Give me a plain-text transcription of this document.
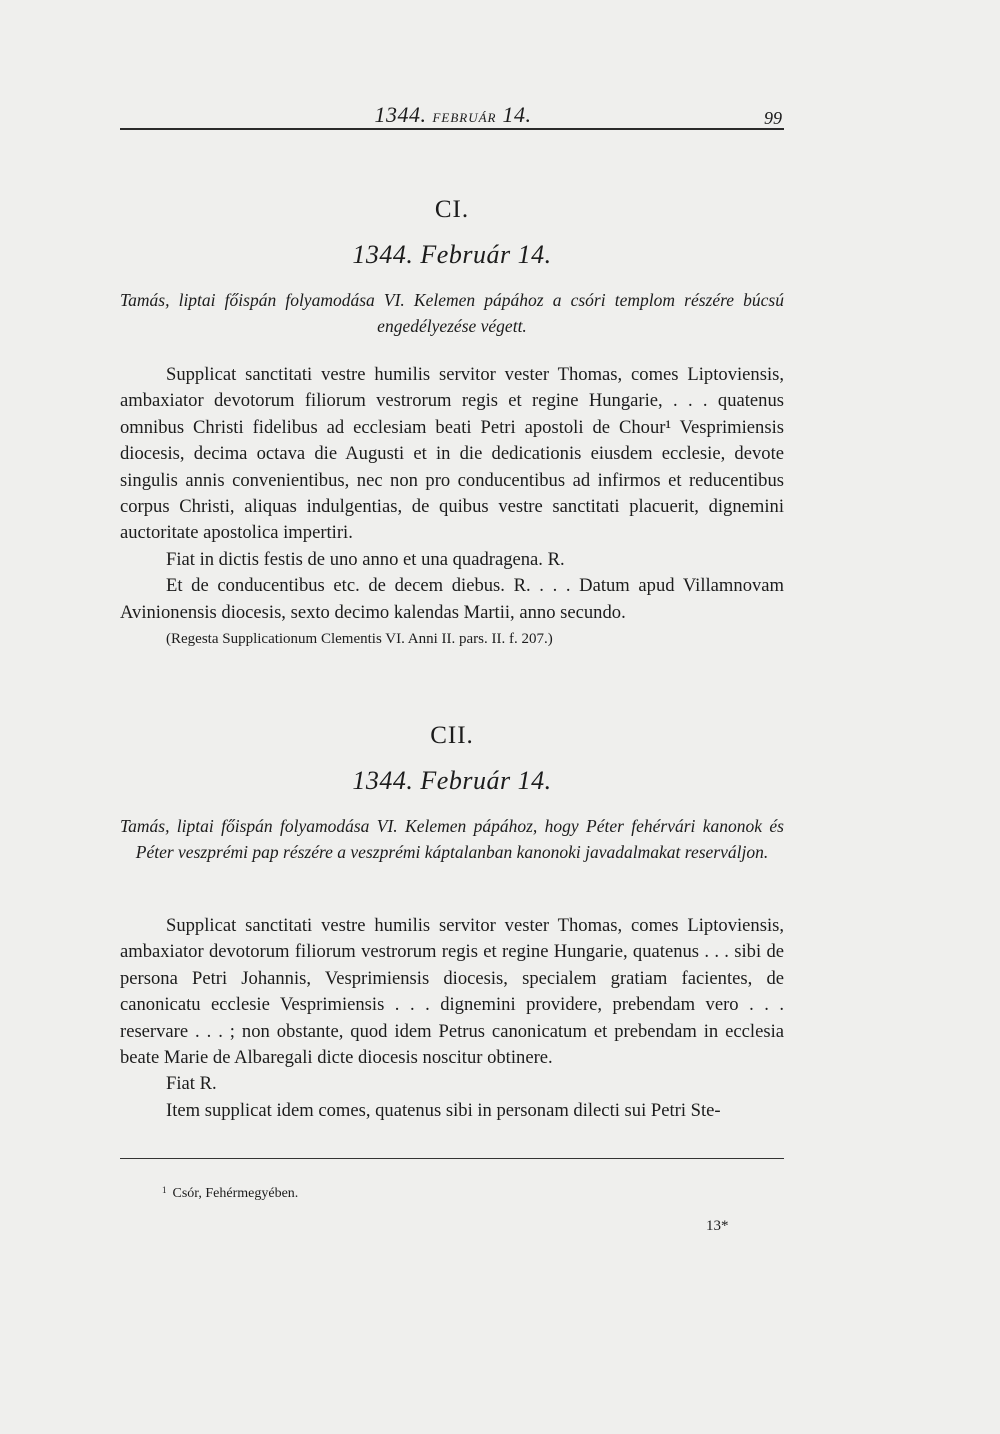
1344. FEBRUÁR 14.	99
CI.
1344. Február 14.
Tamás, liptai főispán folyamodása VI. Kelemen pápához a csóri templom részére búcsú engedélyezése végett.

Supplicat sanctitati vestre humilis servitor vester Thomas, comes Liptoviensis, ambaxiator devotorum filiorum vestrorum regis et regine Hungarie, . . . quatenus omnibus Christi fidelibus ad ecclesiam beati Petri apostoli de Chour¹ Vesprimiensis diocesis, decima octava die Augusti et in die dedicationis eiusdem ecclesie, devote singulis annis convenientibus, nec non pro conducentibus ad infirmos et reducentibus corpus Christi, aliquas indulgentias, de quibus vestre sanctitati placuerit, dignemini auctoritate apostolica impertiri.

Fiat in dictis festis de uno anno et una quadragena. R.

Et de conducentibus etc. de decem diebus. R. . . . Datum apud Villamnovam Avinionensis diocesis, sexto decimo kalendas Martii, anno secundo.

(Regesta Supplicationum Clementis VI. Anni II. pars. II. f. 207.)
CII.
1344. Február 14.
Tamás, liptai főispán folyamodása VI. Kelemen pápához, hogy Péter fehérvári kanonok és Péter veszprémi pap részére a veszprémi káptalanban kanonoki javadalmakat reserváljon.

Supplicat sanctitati vestre humilis servitor vester Thomas, comes Liptoviensis, ambaxiator devotorum filiorum vestrorum regis et regine Hungarie, quatenus . . . sibi de persona Petri Johannis, Vesprimiensis diocesis, specialem gratiam facientes, de canonicatu ecclesie Vesprimiensis . . . dignemini providere, prebendam vero . . . reservare . . . ; non obstante, quod idem Petrus canonicatum et prebendam in ecclesia beate Marie de Albaregali dicte diocesis noscitur obtinere.

Fiat R.

Item supplicat idem comes, quatenus sibi in personam dilecti sui Petri Ste-

$^1$ Csór, Fehérmegyében.
13*
